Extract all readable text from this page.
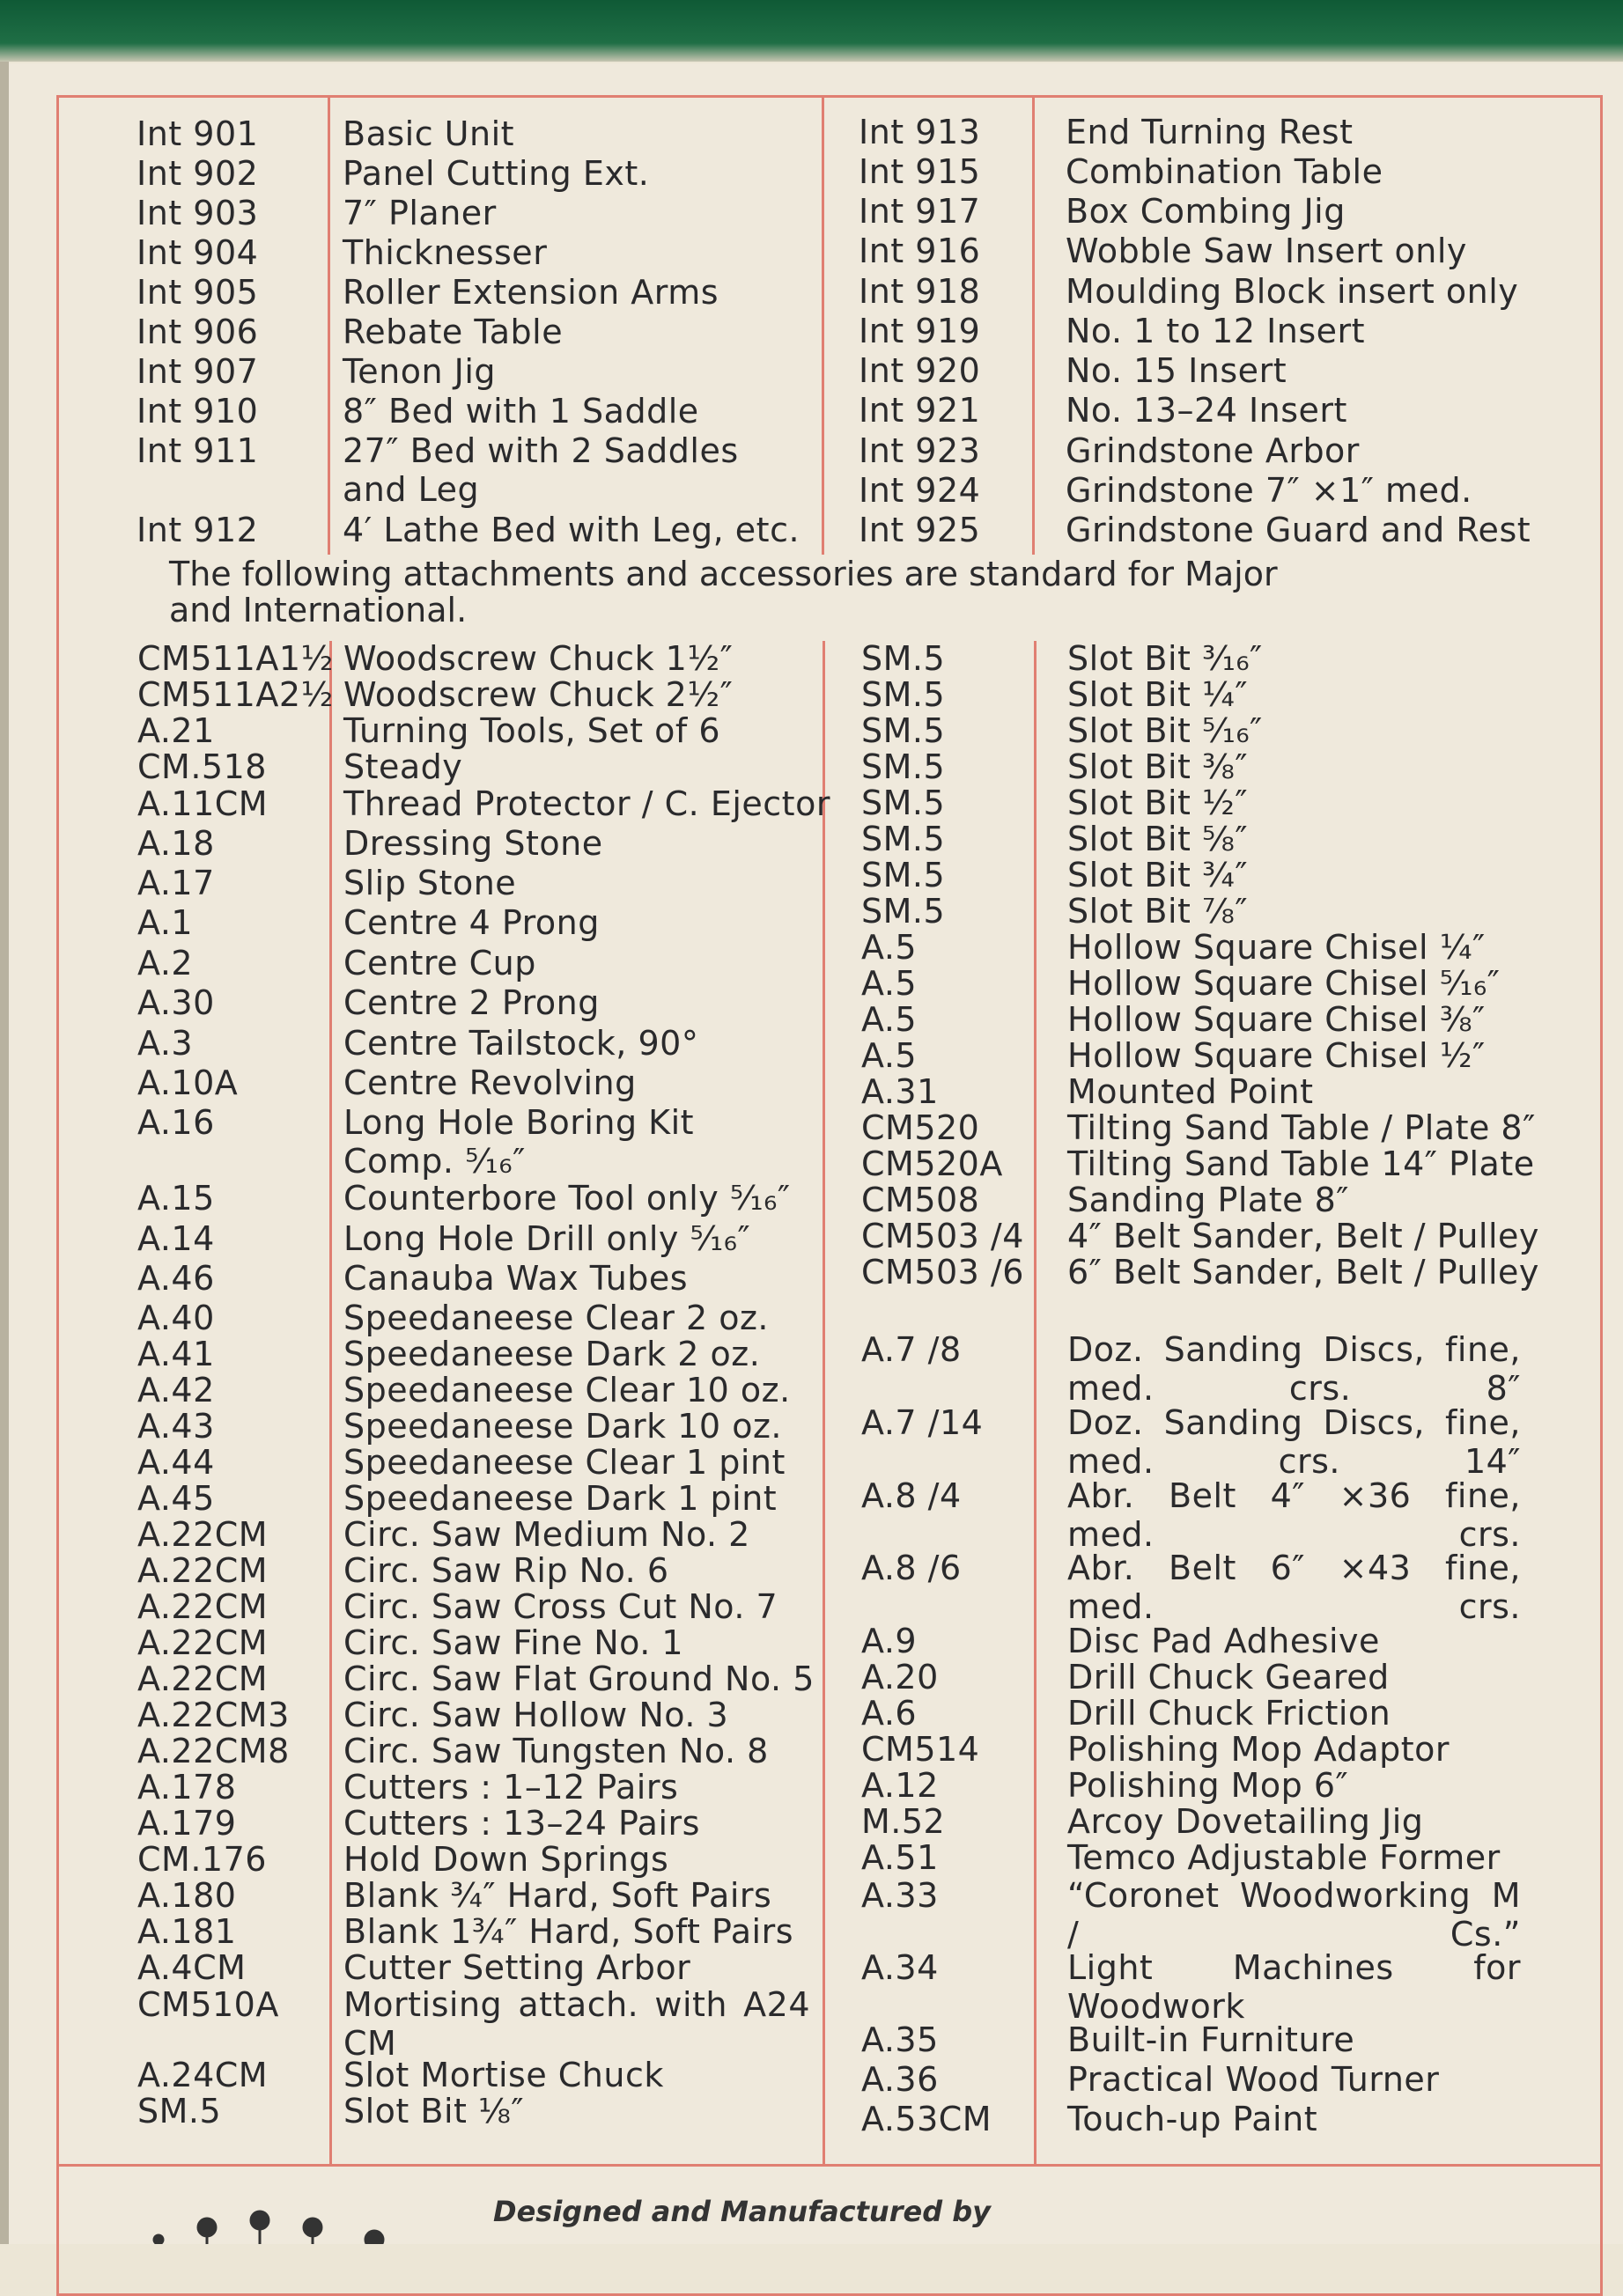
Int 901	Basic Unit
Int 902	Panel Cutting Ext.
Int 903	7″ Planer
Int 904	Thicknesser
Int 905	Roller Extension Arms
Int 906	Rebate Table
Int 907	Tenon Jig
Int 910	8″ Bed with 1 Saddle
Int 911	27″ Bed with 2 Saddles and Leg
Int 912	4′ Lathe Bed with Leg, etc.
Int 913	End Turning Rest
Int 915	Combination Table
Int 917	Box Combing Jig
Int 916	Wobble Saw Insert only
Int 918	Moulding Block insert only
Int 919	No. 1 to 12 Insert
Int 920	No. 15 Insert
Int 921	No. 13–24 Insert
Int 923	Grindstone Arbor
Int 924	Grindstone 7″ ×1″ med.
Int 925	Grindstone Guard and Rest
CM511A1½ Woodscrew Chuck 1½″
CM511A2½ Woodscrew Chuck 2½″
A.21	Turning Tools, Set of 6
CM.518 Steady
A.11CM Thread Protector / C. Ejector
A.18	Dressing Stone
A.17	Slip Stone
A.1	Centre 4 Prong
A.2	Centre Cup
A.30	Centre 2 Prong
A.3	Centre Tailstock, 90°
A.10A	Centre Revolving
A.16	Long Hole Boring Kit Comp. ⁵⁄₁₆″
A.15	Counterbore Tool only ⁵⁄₁₆″
A.14	Long Hole Drill only ⁵⁄₁₆″
A.46	Canauba Wax Tubes
A.40	Speedaneese Clear 2 oz.
A.41	Speedaneese Dark 2 oz.
A.42	Speedaneese Clear 10 oz.
A.43	Speedaneese Dark 10 oz.
A.44	Speedaneese Clear 1 pint
A.45	Speedaneese Dark 1 pint
A.22CM Circ. Saw Medium No. 2
A.22CM Circ. Saw Rip No. 6
A.22CM Circ. Saw Cross Cut No. 7
A.22CM Circ. Saw Fine No. 1
A.22CM Circ. Saw Flat Ground No. 5
A.22CM3 Circ. Saw Hollow No. 3
A.22CM8 Circ. Saw Tungsten No. 8
A.178	Cutters : 1–12 Pairs
A.179	Cutters : 13–24 Pairs
CM.176 Hold Down Springs
A.180	Blank ¾″ Hard, Soft Pairs
A.181	Blank 1¾″ Hard, Soft Pairs
A.4CM	Cutter Setting Arbor
CM510A Mortising attach. with A24 CM
A.24CM Slot Mortise Chuck
SM.5	Slot Bit ⅛″
SM.5	Slot Bit ³⁄₁₆″
SM.5	Slot Bit ¼″
SM.5	Slot Bit ⁵⁄₁₆″
SM.5	Slot Bit ⅜″
SM.5	Slot Bit ½″
SM.5	Slot Bit ⅝″
SM.5	Slot Bit ¾″
SM.5	Slot Bit ⅞″
A.5	Hollow Square Chisel ¼″
A.5	Hollow Square Chisel ⁵⁄₁₆″
A.5	Hollow Square Chisel ⅜″
A.5	Hollow Square Chisel ½″
A.31	Mounted Point
CM520	Tilting Sand Table / Plate 8″
CM520A Tilting Sand Table 14″ Plate
CM508	Sanding Plate 8″
CM503 /4 4″ Belt Sander, Belt / Pulley
CM503 /6 6″ Belt Sander, Belt / Pulley
A.7 /8	Doz. Sanding Discs, fine, med. crs. 8″
A.7 /14	Doz. Sanding Discs, fine, med. crs. 14″
A.8 /4	Abr. Belt 4″ ×36 fine, med. crs.
A.8 /6	Abr. Belt 6″ ×43 fine, med. crs.
A.9	Disc Pad Adhesive
A.20	Drill Chuck Geared
A.6	Drill Chuck Friction
CM514	Polishing Mop Adaptor
A.12	Polishing Mop 6″
M.52	Arcoy Dovetailing Jig
A.51	Temco Adjustable Former
A.33	“Coronet Woodworking M / Cs.”
A.34	Light Machines for Woodwork
A.35	Built-in Furniture
A.36	Practical Wood Turner
A.53CM Touch-up Paint
The following attachments and accessories are standard for Major and International.
Designed and Manufactured by
